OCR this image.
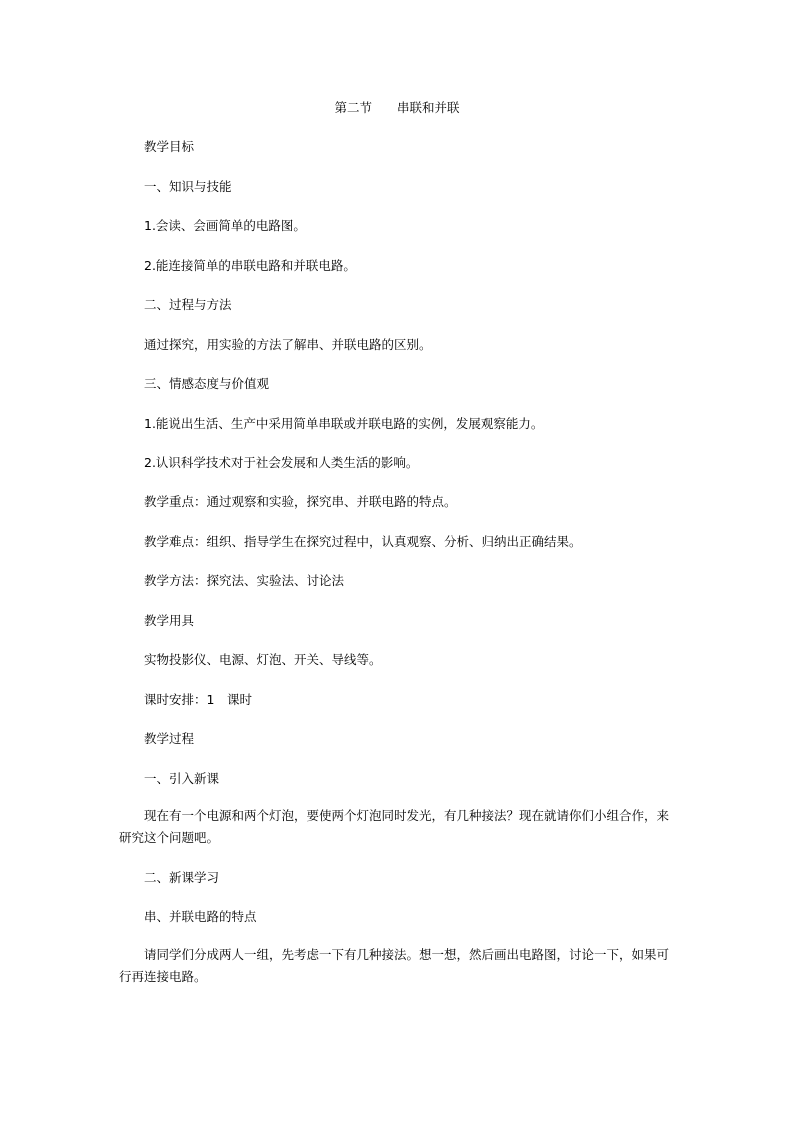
第二节　　串联和并联
教学目标
一、知识与技能
1.会读、会画简单的电路图。
2.能连接简单的串联电路和并联电路。
二、过程与方法
通过探究，用实验的方法了解串、并联电路的区别。
三、情感态度与价值观
1.能说出生活、生产中采用简单串联或并联电路的实例，发展观察能力。
2.认识科学技术对于社会发展和人类生活的影响。
教学重点：通过观察和实验，探究串、并联电路的特点。
教学难点：组织、指导学生在探究过程中，认真观察、分析、归纳出正确结果。
教学方法：探究法、实验法、讨论法
教学用具
实物投影仪、电源、灯泡、开关、导线等。
课时安排：1　课时
教学过程
一、引入新课
现在有一个电源和两个灯泡，要使两个灯泡同时发光，有几种接法？现在就请你们小组合作，来研究这个问题吧。
二、新课学习
串、并联电路的特点
请同学们分成两人一组，先考虑一下有几种接法。想一想，然后画出电路图，讨论一下，如果可行再连接电路。
